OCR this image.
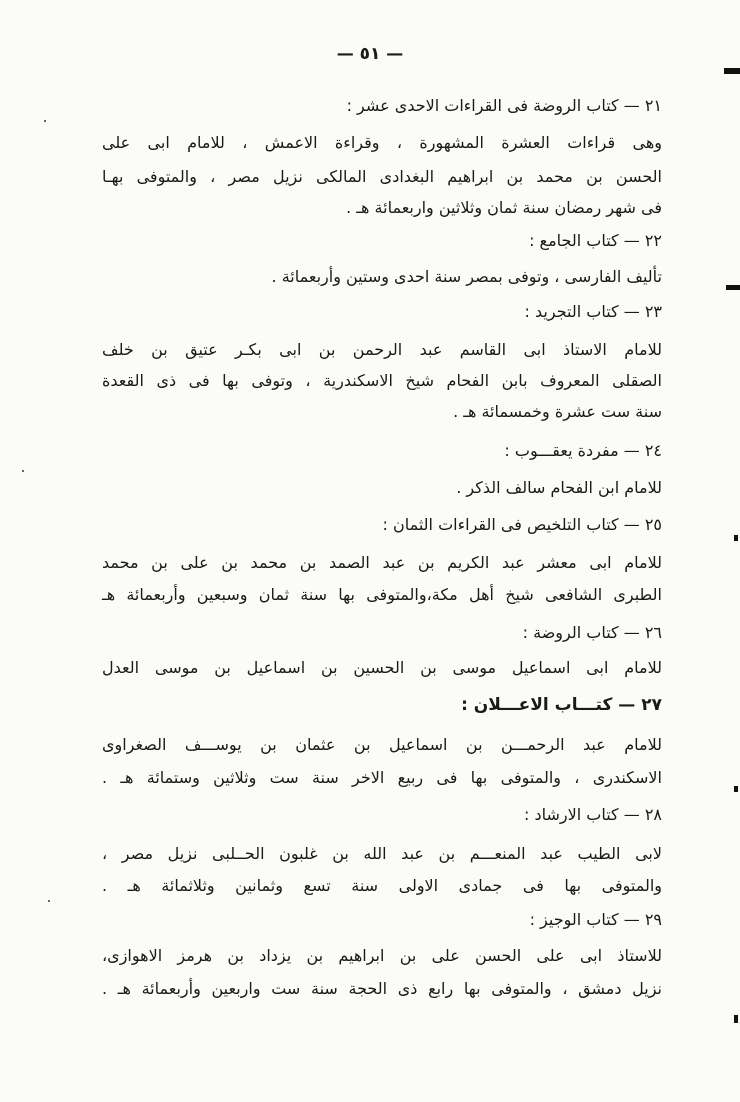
— ٥١ —
٢١ — كتاب الروضة فى القراءات الاحدى عشر :
وهى قراءات العشرة المشهورة ، وقراءة الاعمش ، للامام ابى على
الحسن بن محمد بن ابراهيم البغدادى المالكى نزيل مصر ، والمتوفى بهـا
فى شهر رمضان سنة ثمان وثلاثين واربعمائة هـ .
٢٢ — كتاب الجامع :
تأليف الفارسى ، وتوفى بمصر سنة احدى وستين وأربعمائة .
٢٣ — كتاب التجريد :
للامام الاستاذ ابى القاسم عبد الرحمن بن ابى بكـر عتيق بن خلف
الصقلى المعروف بابن الفحام شيخ الاسكندرية ، وتوفى بها فى ذى القعدة
سنة ست عشرة وخمسمائة هـ .
٢٤ — مفردة يعقـــوب :
للامام ابن الفحام سالف الذكر .
٢٥ — كتاب التلخيص فى القراءات الثمان :
للامام ابى معشر عبد الكريم بن عبد الصمد بن محمد بن على بن محمد
الطبرى الشافعى شيخ أهل مكة،والمتوفى بها سنة ثمان وسبعين وأربعمائة هـ
٢٦ — كتاب الروضة :
للامام ابى اسماعيل موسى بن الحسين بن اسماعيل بن موسى العدل
٢٧ — كتـــاب الاعـــلان :
للامام عبد الرحمـــن بن اسماعيل بن عثمان بن يوســـف الصغراوى
الاسكندرى ، والمتوفى بها فى ربيع الاخر سنة ست وثلاثين وستمائة هـ .
٢٨ — كتاب الارشاد :
لابى الطيب عبد المنعـــم بن عبد الله بن غلبون الحــلبى نزيل مصر ،
والمتوفى بها فى جمادى الاولى سنة تسع وثمانين وثلاثمائة هـ .
٢٩ — كتاب الوجيز :
للاستاذ ابى على الحسن على بن ابراهيم بن يزداد بن هرمز الاهوازى،
نزيل دمشق ، والمتوفى بها رابع ذى الحجة سنة ست واربعين وأربعمائة هـ .
